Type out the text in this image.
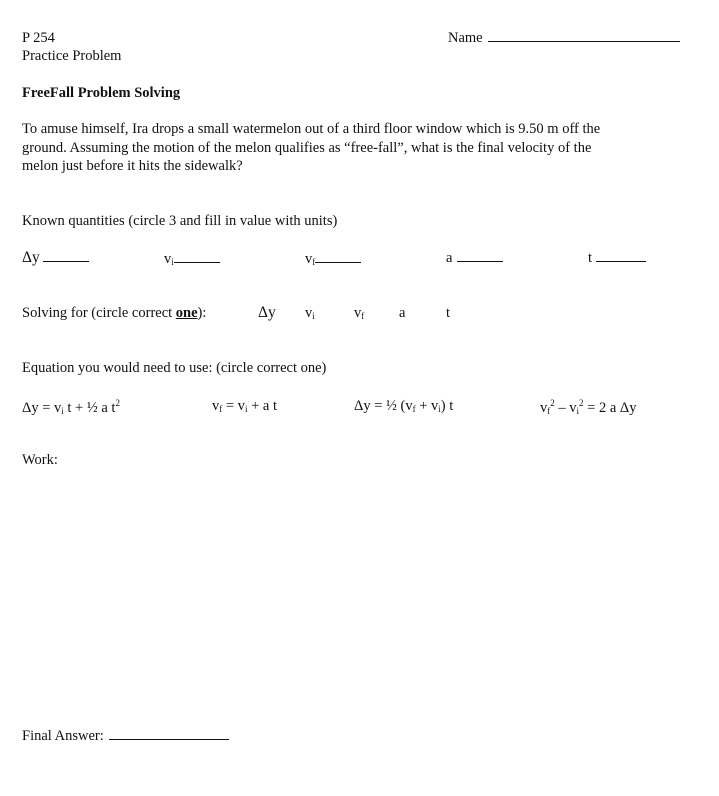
P 254
Practice Problem
Name
FreeFall Problem Solving
To amuse himself, Ira drops a small watermelon out of a third floor window which is 9.50 m off the
ground. Assuming the motion of the melon qualifies as “free-fall”, what is the final velocity of the
melon just before it hits the sidewalk?
Known quantities (circle 3 and fill in value with units)
Δy	$v_i$	$v_f$	a	t
Solving for (circle correct one):	Δy $v_i$	$v_f$ a	t
Equation you would need to use: (circle correct one)
$\Delta y = v_i$ t + ½ a $t^2$	$v_f = v_i + a$ t	Δy = ½ $(v_f + v_i)$ t	$v_f^2 - v_i^2 = 2$ a Δy
Work:
Final Answer:
